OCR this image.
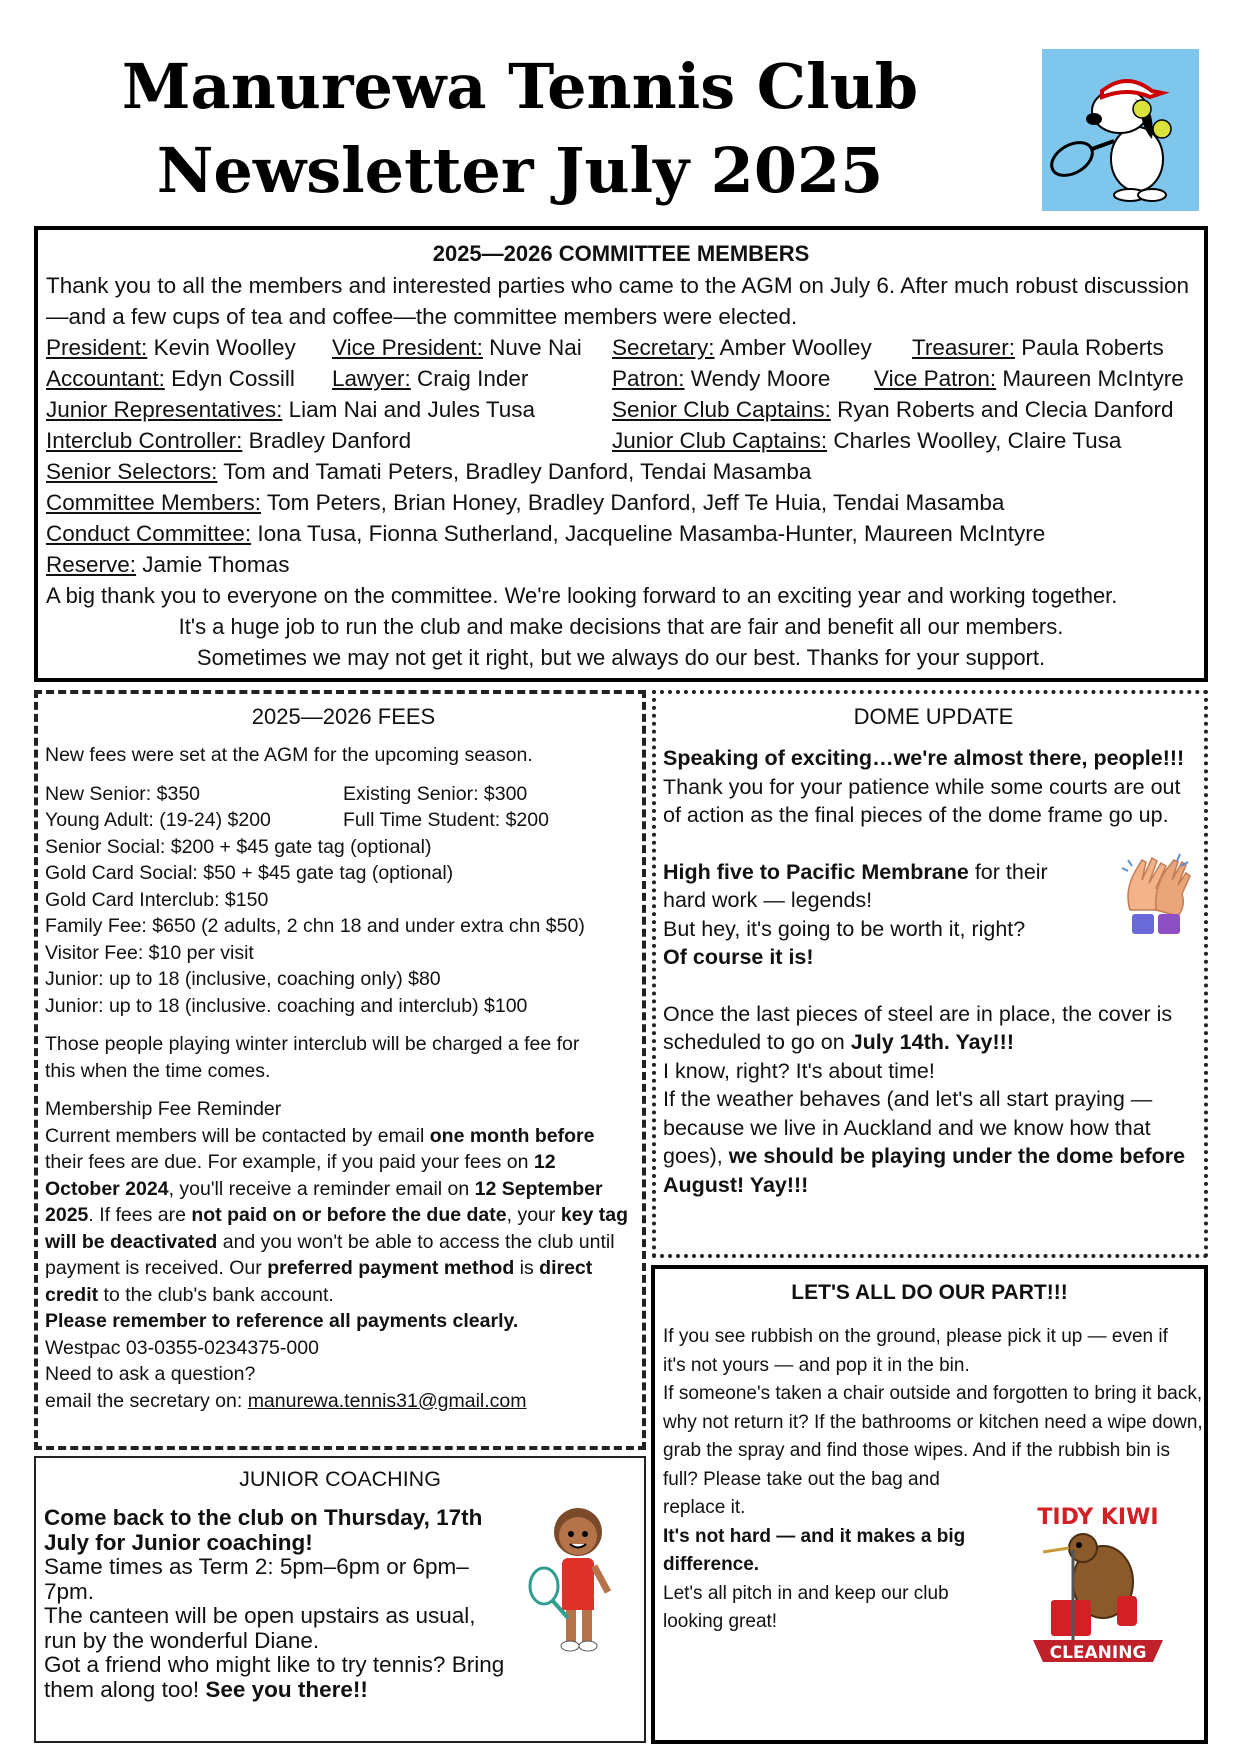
Manurewa Tennis Club
Newsletter July 2025
2025—2026 COMMITTEE MEMBERS
Thank you to all the members and interested parties who came to the AGM on July 6. After much robust discussion—and a few cups of tea and coffee—the committee members were elected.
President: Kevin Woolley Vice President: Nuve Nai Secretary: Amber Woolley Treasurer: Paula Roberts
Accountant: Edyn Cossill Lawyer: Craig Inder	Patron: Wendy Moore Vice Patron: Maureen McIntyre
Junior Representatives: Liam Nai and Jules Tusa	Senior Club Captains: Ryan Roberts and Clecia Danford
Interclub Controller: Bradley Danford	Junior Club Captains: Charles Woolley, Claire Tusa
Senior Selectors: Tom and Tamati Peters, Bradley Danford, Tendai Masamba
Committee Members: Tom Peters, Brian Honey, Bradley Danford, Jeff Te Huia, Tendai Masamba
Conduct Committee: Iona Tusa, Fionna Sutherland, Jacqueline Masamba-Hunter, Maureen McIntyre
Reserve: Jamie Thomas
A big thank you to everyone on the committee. We're looking forward to an exciting year and working together.
It's a huge job to run the club and make decisions that are fair and benefit all our members.
Sometimes we may not get it right, but we always do our best. Thanks for your support.
2025—2026 FEES
New fees were set at the AGM for the upcoming season.
New Senior: $350	Existing Senior: $300
Young Adult: (19-24) $200	Full Time Student: $200
Senior Social: $200 + $45 gate tag (optional)
Gold Card Social: $50 + $45 gate tag (optional)
Gold Card Interclub: $150
Family Fee: $650 (2 adults, 2 chn 18 and under extra chn $50)
Visitor Fee: $10 per visit
Junior: up to 18 (inclusive, coaching only) $80
Junior: up to 18 (inclusive. coaching and interclub) $100
Those people playing winter interclub will be charged a fee for this when the time comes.
Membership Fee Reminder
Current members will be contacted by email one month before their fees are due. For example, if you paid your fees on 12 October 2024, you'll receive a reminder email on 12 September 2025. If fees are not paid on or before the due date, your key tag will be deactivated and you won't be able to access the club until payment is received. Our preferred payment method is direct credit to the club's bank account.
Please remember to reference all payments clearly.
Westpac 03-0355-0234375-000
Need to ask a question?
email the secretary on: manurewa.tennis31@gmail.com
DOME UPDATE
Speaking of exciting…we're almost there, people!!! Thank you for your patience while some courts are out of action as the final pieces of the dome frame go up.
High five to Pacific Membrane for their hard work — legends!
But hey, it's going to be worth it, right?
Of course it is!
Once the last pieces of steel are in place, the cover is scheduled to go on July 14th. Yay!!!
I know, right? It's about time!
If the weather behaves (and let's all start praying — because we live in Auckland and we know how that goes), we should be playing under the dome before August! Yay!!!
JUNIOR COACHING
Come back to the club on Thursday, 17th July for Junior coaching!
Same times as Term 2: 5pm–6pm or 6pm–7pm.
The canteen will be open upstairs as usual, run by the wonderful Diane.
Got a friend who might like to try tennis? Bring them along too! See you there!!
LET'S ALL DO OUR PART!!!
If you see rubbish on the ground, please pick it up — even if it's not yours — and pop it in the bin.
If someone's taken a chair outside and forgotten to bring it back, why not return it? If the bathrooms or kitchen need a wipe down, grab the spray and find those wipes. And if the rubbish bin is
full? Please take out the bag and
replace it.
It's not hard — and it makes a big
difference.
Let's all pitch in and keep our club
looking great!
TIDY KIWI
CLEANING
